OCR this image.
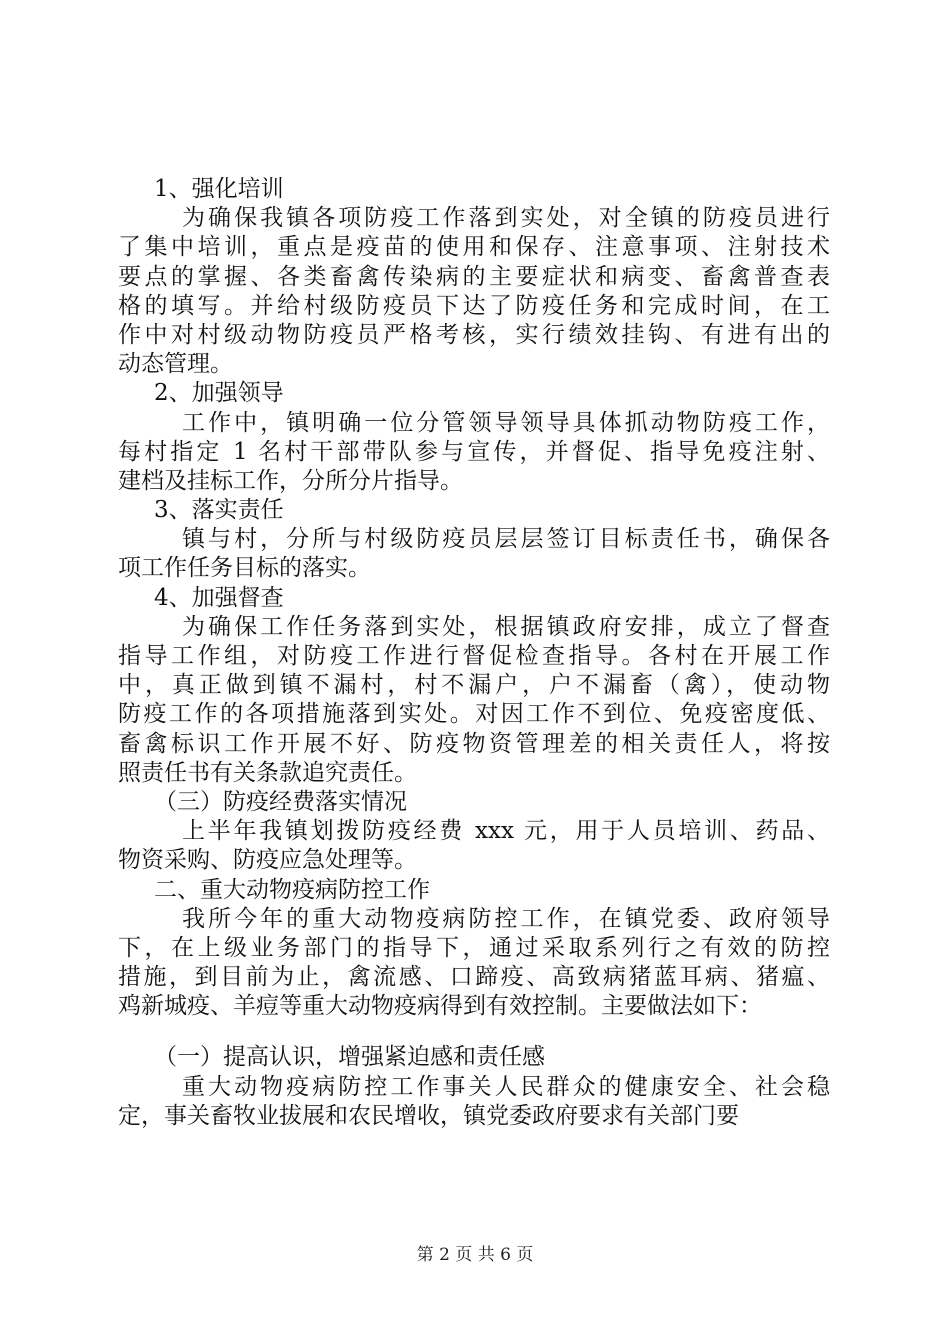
1、强化培训
为确保我镇各项防疫工作落到实处，对全镇的防疫员进行
了集中培训，重点是疫苗的使用和保存、注意事项、注射技术
要点的掌握、各类畜禽传染病的主要症状和病变、畜禽普查表
格的填写。并给村级防疫员下达了防疫任务和完成时间，在工
作中对村级动物防疫员严格考核，实行绩效挂钩、有进有出的
动态管理。
2、加强领导
工作中，镇明确一位分管领导领导具体抓动物防疫工作，
每村指定 1 名村干部带队参与宣传，并督促、指导免疫注射、
建档及挂标工作，分所分片指导。
3、落实责任
镇与村，分所与村级防疫员层层签订目标责任书，确保各
项工作任务目标的落实。
4、加强督查
为确保工作任务落到实处，根据镇政府安排，成立了督查
指导工作组，对防疫工作进行督促检查指导。各村在开展工作
中，真正做到镇不漏村，村不漏户，户不漏畜（禽），使动物
防疫工作的各项措施落到实处。对因工作不到位、免疫密度低、
畜禽标识工作开展不好、防疫物资管理差的相关责任人，将按
照责任书有关条款追究责任。
（三）防疫经费落实情况
上半年我镇划拨防疫经费 xxx 元，用于人员培训、药品、
物资采购、防疫应急处理等。
二、重大动物疫病防控工作
我所今年的重大动物疫病防控工作，在镇党委、政府领导
下，在上级业务部门的指导下，通过采取系列行之有效的防控
措施，到目前为止，禽流感、口蹄疫、高致病猪蓝耳病、猪瘟、
鸡新城疫、羊痘等重大动物疫病得到有效控制。主要做法如下：
（一）提高认识，增强紧迫感和责任感
重大动物疫病防控工作事关人民群众的健康安全、社会稳
定，事关畜牧业拔展和农民增收，镇党委政府要求有关部门要
第 2 页 共 6 页
